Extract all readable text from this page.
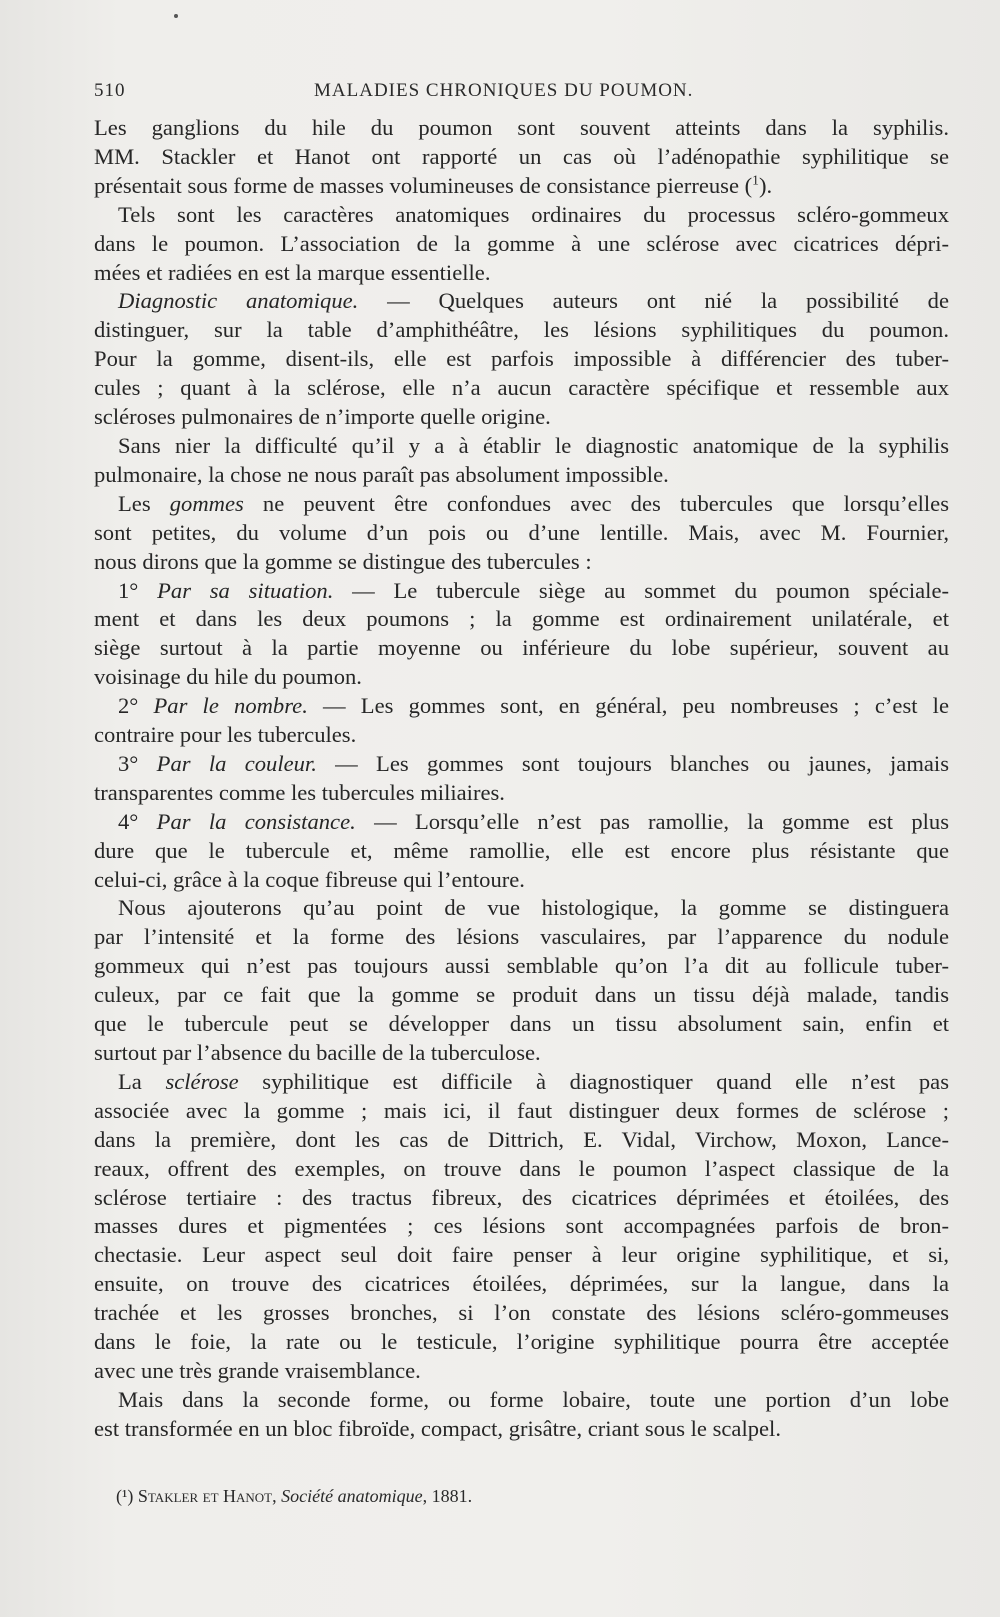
510	MALADIES CHRONIQUES DU POUMON.
Les ganglions du hile du poumon sont souvent atteints dans la syphilis.
MM. Stackler et Hanot ont rapporté un cas où l’adénopathie syphilitique se
présentait sous forme de masses volumineuses de consistance pierreuse ($^1$).
Tels sont les caractères anatomiques ordinaires du processus scléro-gommeux
dans le poumon. L’association de la gomme à une sclérose avec cicatrices dépri-
mées et radiées en est la marque essentielle.
Diagnostic anatomique. — Quelques auteurs ont nié la possibilité de
distinguer, sur la table d’amphithéâtre, les lésions syphilitiques du poumon.
Pour la gomme, disent-ils, elle est parfois impossible à différencier des tuber-
cules ; quant à la sclérose, elle n’a aucun caractère spécifique et ressemble aux
scléroses pulmonaires de n’importe quelle origine.
Sans nier la difficulté qu’il y a à établir le diagnostic anatomique de la syphilis
pulmonaire, la chose ne nous paraît pas absolument impossible.
Les gommes ne peuvent être confondues avec des tubercules que lorsqu’elles
sont petites, du volume d’un pois ou d’une lentille. Mais, avec M. Fournier,
nous dirons que la gomme se distingue des tubercules :
1° Par sa situation. — Le tubercule siège au sommet du poumon spéciale-
ment et dans les deux poumons ; la gomme est ordinairement unilatérale, et
siège surtout à la partie moyenne ou inférieure du lobe supérieur, souvent au
voisinage du hile du poumon.
2° Par le nombre. — Les gommes sont, en général, peu nombreuses ; c’est le
contraire pour les tubercules.
3° Par la couleur. — Les gommes sont toujours blanches ou jaunes, jamais
transparentes comme les tubercules miliaires.
4° Par la consistance. — Lorsqu’elle n’est pas ramollie, la gomme est plus
dure que le tubercule et, même ramollie, elle est encore plus résistante que
celui-ci, grâce à la coque fibreuse qui l’entoure.
Nous ajouterons qu’au point de vue histologique, la gomme se distinguera
par l’intensité et la forme des lésions vasculaires, par l’apparence du nodule
gommeux qui n’est pas toujours aussi semblable qu’on l’a dit au follicule tuber-
culeux, par ce fait que la gomme se produit dans un tissu déjà malade, tandis
que le tubercule peut se développer dans un tissu absolument sain, enfin et
surtout par l’absence du bacille de la tuberculose.
La sclérose syphilitique est difficile à diagnostiquer quand elle n’est pas
associée avec la gomme ; mais ici, il faut distinguer deux formes de sclérose ;
dans la première, dont les cas de Dittrich, E. Vidal, Virchow, Moxon, Lance-
reaux, offrent des exemples, on trouve dans le poumon l’aspect classique de la
sclérose tertiaire : des tractus fibreux, des cicatrices déprimées et étoilées, des
masses dures et pigmentées ; ces lésions sont accompagnées parfois de bron-
chectasie. Leur aspect seul doit faire penser à leur origine syphilitique, et si,
ensuite, on trouve des cicatrices étoilées, déprimées, sur la langue, dans la
trachée et les grosses bronches, si l’on constate des lésions scléro-gommeuses
dans le foie, la rate ou le testicule, l’origine syphilitique pourra être acceptée
avec une très grande vraisemblance.
Mais dans la seconde forme, ou forme lobaire, toute une portion d’un lobe
est transformée en un bloc fibroïde, compact, grisâtre, criant sous le scalpel.
(¹) Stakler et Hanot, Société anatomique, 1881.
